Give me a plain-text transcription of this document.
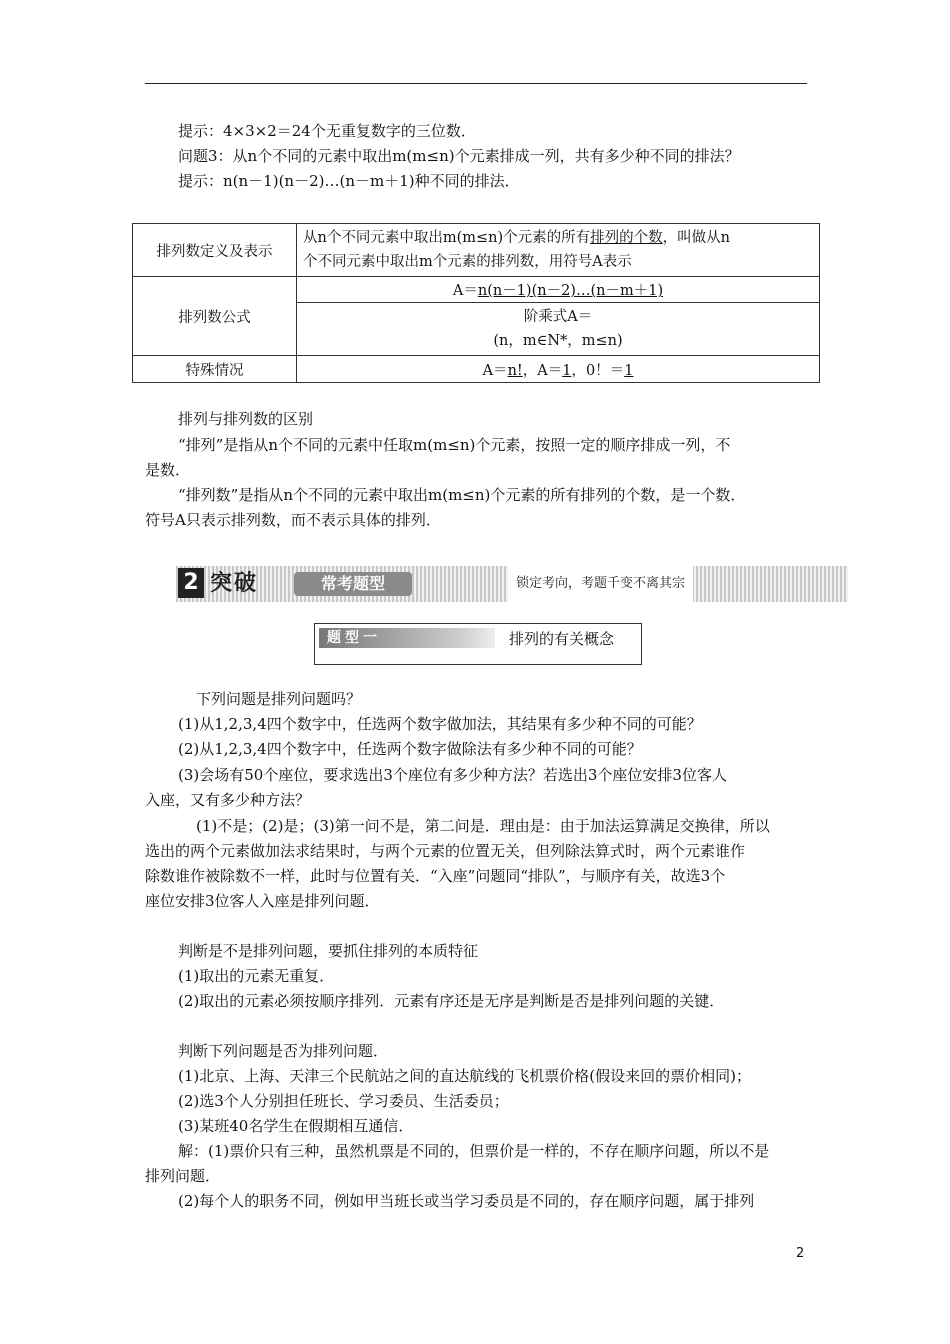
提示：4×3×2＝24个无重复数字的三位数．
问题3：从n个不同的元素中取出m(m≤n)个元素排成一列，共有多少种不同的排法？
提示：n(n－1)(n－2)…(n－m＋1)种不同的排法．
排列数定义及表示	从n个不同元素中取出m(m≤n)个元素的所有排列的个数，叫做从n
个不同元素中取出m个元素的排列数，用符号A表示
排列数公式	A＝n(n－1)(n－2)…(n－m＋1)
	阶乘式A＝
(n，m∈N*，m≤n)
特殊情况	A＝n!，A＝1，0！＝1
排列与排列数的区别
“排列”是指从n个不同的元素中任取m(m≤n)个元素，按照一定的顺序排成一列，不
是数．
“排列数”是指从n个不同的元素中取出m(m≤n)个元素的所有排列的个数，是一个数．
符号A只表示排列数，而不表示具体的排列．
2 突破	常考题型	锁定考向，考题千变不离其宗
题型一	排列的有关概念
下列问题是排列问题吗？
(1)从1,2,3,4四个数字中，任选两个数字做加法，其结果有多少种不同的可能？
(2)从1,2,3,4四个数字中，任选两个数字做除法有多少种不同的可能？
(3)会场有50个座位，要求选出3个座位有多少种方法？若选出3个座位安排3位客人
入座，又有多少种方法？
(1)不是；(2)是；(3)第一问不是，第二问是．理由是：由于加法运算满足交换律，所以
选出的两个元素做加法求结果时，与两个元素的位置无关，但列除法算式时，两个元素谁作
除数谁作被除数不一样，此时与位置有关．“入座”问题同“排队”，与顺序有关，故选3个
座位安排3位客人入座是排列问题．
判断是不是排列问题，要抓住排列的本质特征
(1)取出的元素无重复．
(2)取出的元素必须按顺序排列．元素有序还是无序是判断是否是排列问题的关键．
判断下列问题是否为排列问题．
(1)北京、上海、天津三个民航站之间的直达航线的飞机票价格(假设来回的票价相同)；
(2)选3个人分别担任班长、学习委员、生活委员；
(3)某班40名学生在假期相互通信．
解：(1)票价只有三种，虽然机票是不同的，但票价是一样的，不存在顺序问题，所以不是
排列问题．
(2)每个人的职务不同，例如甲当班长或当学习委员是不同的，存在顺序问题，属于排列
2
